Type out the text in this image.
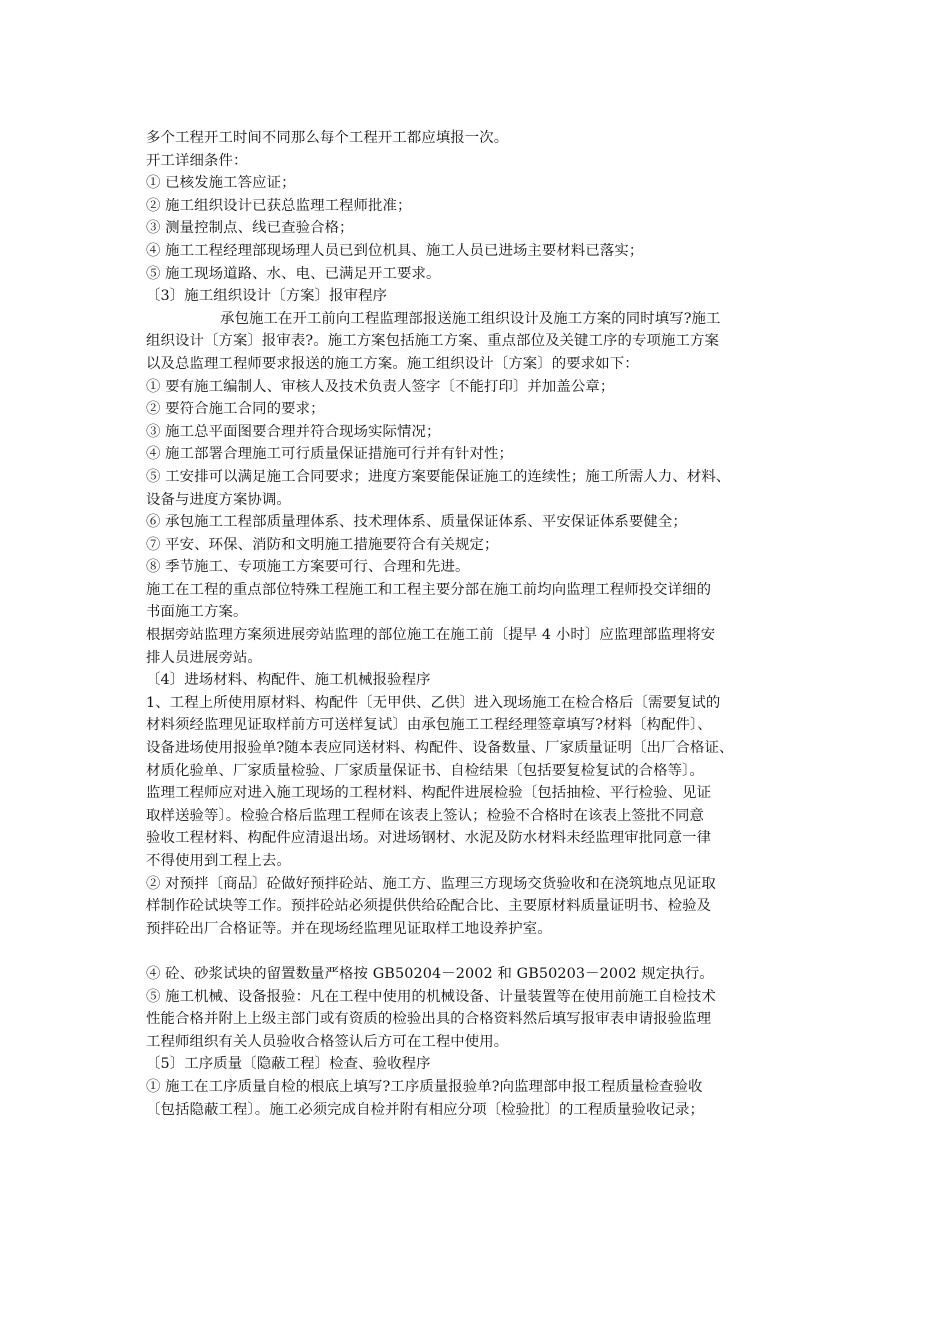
多个工程开工时间不同那么每个工程开工都应填报一次。
开工详细条件：
① 已核发施工答应证；
② 施工组织设计已获总监理工程师批准；
③ 测量控制点、线已查验合格；
④ 施工工程经理部现场理人员已到位机具、施工人员已进场主要材料已落实；
⑤ 施工现场道路、水、电、已满足开工要求。
〔3〕施工组织设计〔方案〕报审程序
承包施工在开工前向工程监理部报送施工组织设计及施工方案的同时填写?施工
组织设计〔方案〕报审表?。施工方案包括施工方案、重点部位及关键工序的专项施工方案
以及总监理工程师要求报送的施工方案。施工组织设计〔方案〕的要求如下：
① 要有施工编制人、审核人及技术负责人签字〔不能打印〕并加盖公章；
② 要符合施工合同的要求；
③ 施工总平面图要合理并符合现场实际情况；
④ 施工部署合理施工可行质量保证措施可行并有针对性；
⑤ 工安排可以满足施工合同要求；进度方案要能保证施工的连续性；施工所需人力、材料、
设备与进度方案协调。
⑥ 承包施工工程部质量理体系、技术理体系、质量保证体系、平安保证体系要健全；
⑦ 平安、环保、消防和文明施工措施要符合有关规定；
⑧ 季节施工、专项施工方案要可行、合理和先进。
施工在工程的重点部位特殊工程施工和工程主要分部在施工前均向监理工程师投交详细的
书面施工方案。
根据旁站监理方案须进展旁站监理的部位施工在施工前〔提早 4 小时〕应监理部监理将安
排人员进展旁站。
〔4〕进场材料、构配件、施工机械报验程序
1、工程上所使用原材料、构配件〔无甲供、乙供〕进入现场施工在检合格后〔需要复试的
材料须经监理见证取样前方可送样复试〕由承包施工工程经理签章填写?材料〔构配件〕、
设备进场使用报验单?随本表应同送材料、构配件、设备数量、厂家质量证明〔出厂合格证、
材质化验单、厂家质量检验、厂家质量保证书、自检结果〔包括要复检复试的合格等〕。
监理工程师应对进入施工现场的工程材料、构配件进展检验〔包括抽检、平行检验、见证
取样送验等〕。检验合格后监理工程师在该表上签认；检验不合格时在该表上签批不同意
验收工程材料、构配件应清退出场。对进场钢材、水泥及防水材料未经监理审批同意一律
不得使用到工程上去。
② 对预拌〔商品〕砼做好预拌砼站、施工方、监理三方现场交货验收和在浇筑地点见证取
样制作砼试块等工作。预拌砼站必须提供供给砼配合比、主要原材料质量证明书、检验及
预拌砼出厂合格证等。并在现场经监理见证取样工地设养护室。
④ 砼、砂浆试块的留置数量严格按 GB50204－2002 和 GB50203－2002 规定执行。
⑤ 施工机械、设备报验：凡在工程中使用的机械设备、计量装置等在使用前施工自检技术
性能合格并附上上级主部门或有资质的检验出具的合格资料然后填写报审表申请报验监理
工程师组织有关人员验收合格签认后方可在工程中使用。
〔5〕工序质量〔隐蔽工程〕检查、验收程序
① 施工在工序质量自检的根底上填写?工序质量报验单?向监理部申报工程质量检查验收
〔包括隐蔽工程〕。施工必须完成自检并附有相应分项〔检验批〕的工程质量验收记录；
